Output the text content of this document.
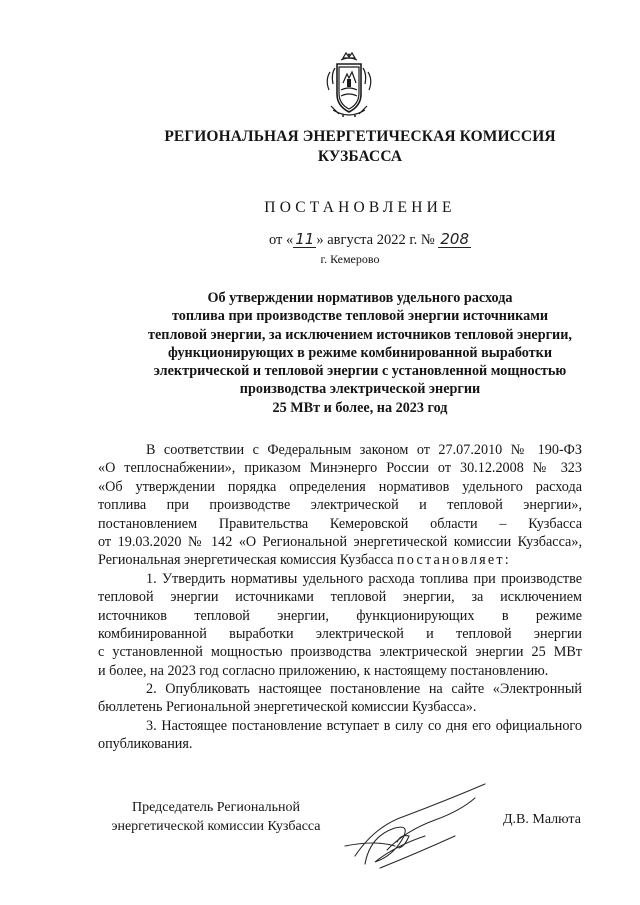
РЕГИОНАЛЬНАЯ ЭНЕРГЕТИЧЕСКАЯ КОМИССИЯ
КУЗБАССА
ПОСТАНОВЛЕНИЕ
от « 11 » августа 2022 г. № 208
г. Кемерово
Об утверждении нормативов удельного расхода
топлива при производстве тепловой энергии источниками
тепловой энергии, за исключением источников тепловой энергии,
функционирующих в режиме комбинированной выработки
электрической и тепловой энергии с установленной мощностью
производства электрической энергии
25 МВт и более, на 2023 год
В соответствии с Федеральным законом от 27.07.2010 № 190-ФЗ
«О теплоснабжении», приказом Минэнерго России от 30.12.2008 № 323
«Об утверждении порядка определения нормативов удельного расхода
топлива при производстве электрической и тепловой энергии»,
постановлением Правительства Кемеровской области – Кузбасса
от 19.03.2020 № 142 «О Региональной энергетической комиссии Кузбасса»,
Региональная энергетическая комиссия Кузбасса постановляет:
1. Утвердить нормативы удельного расхода топлива при производстве
тепловой энергии источниками тепловой энергии, за исключением
источников тепловой энергии, функционирующих в режиме
комбинированной выработки электрической и тепловой энергии
с установленной мощностью производства электрической энергии 25 МВт
и более, на 2023 год согласно приложению, к настоящему постановлению.
2. Опубликовать настоящее постановление на сайте «Электронный
бюллетень Региональной энергетической комиссии Кузбасса».
3. Настоящее постановление вступает в силу со дня его официального
опубликования.
Председатель Региональной
энергетической комиссии Кузбасса	Д.В. Малюта
